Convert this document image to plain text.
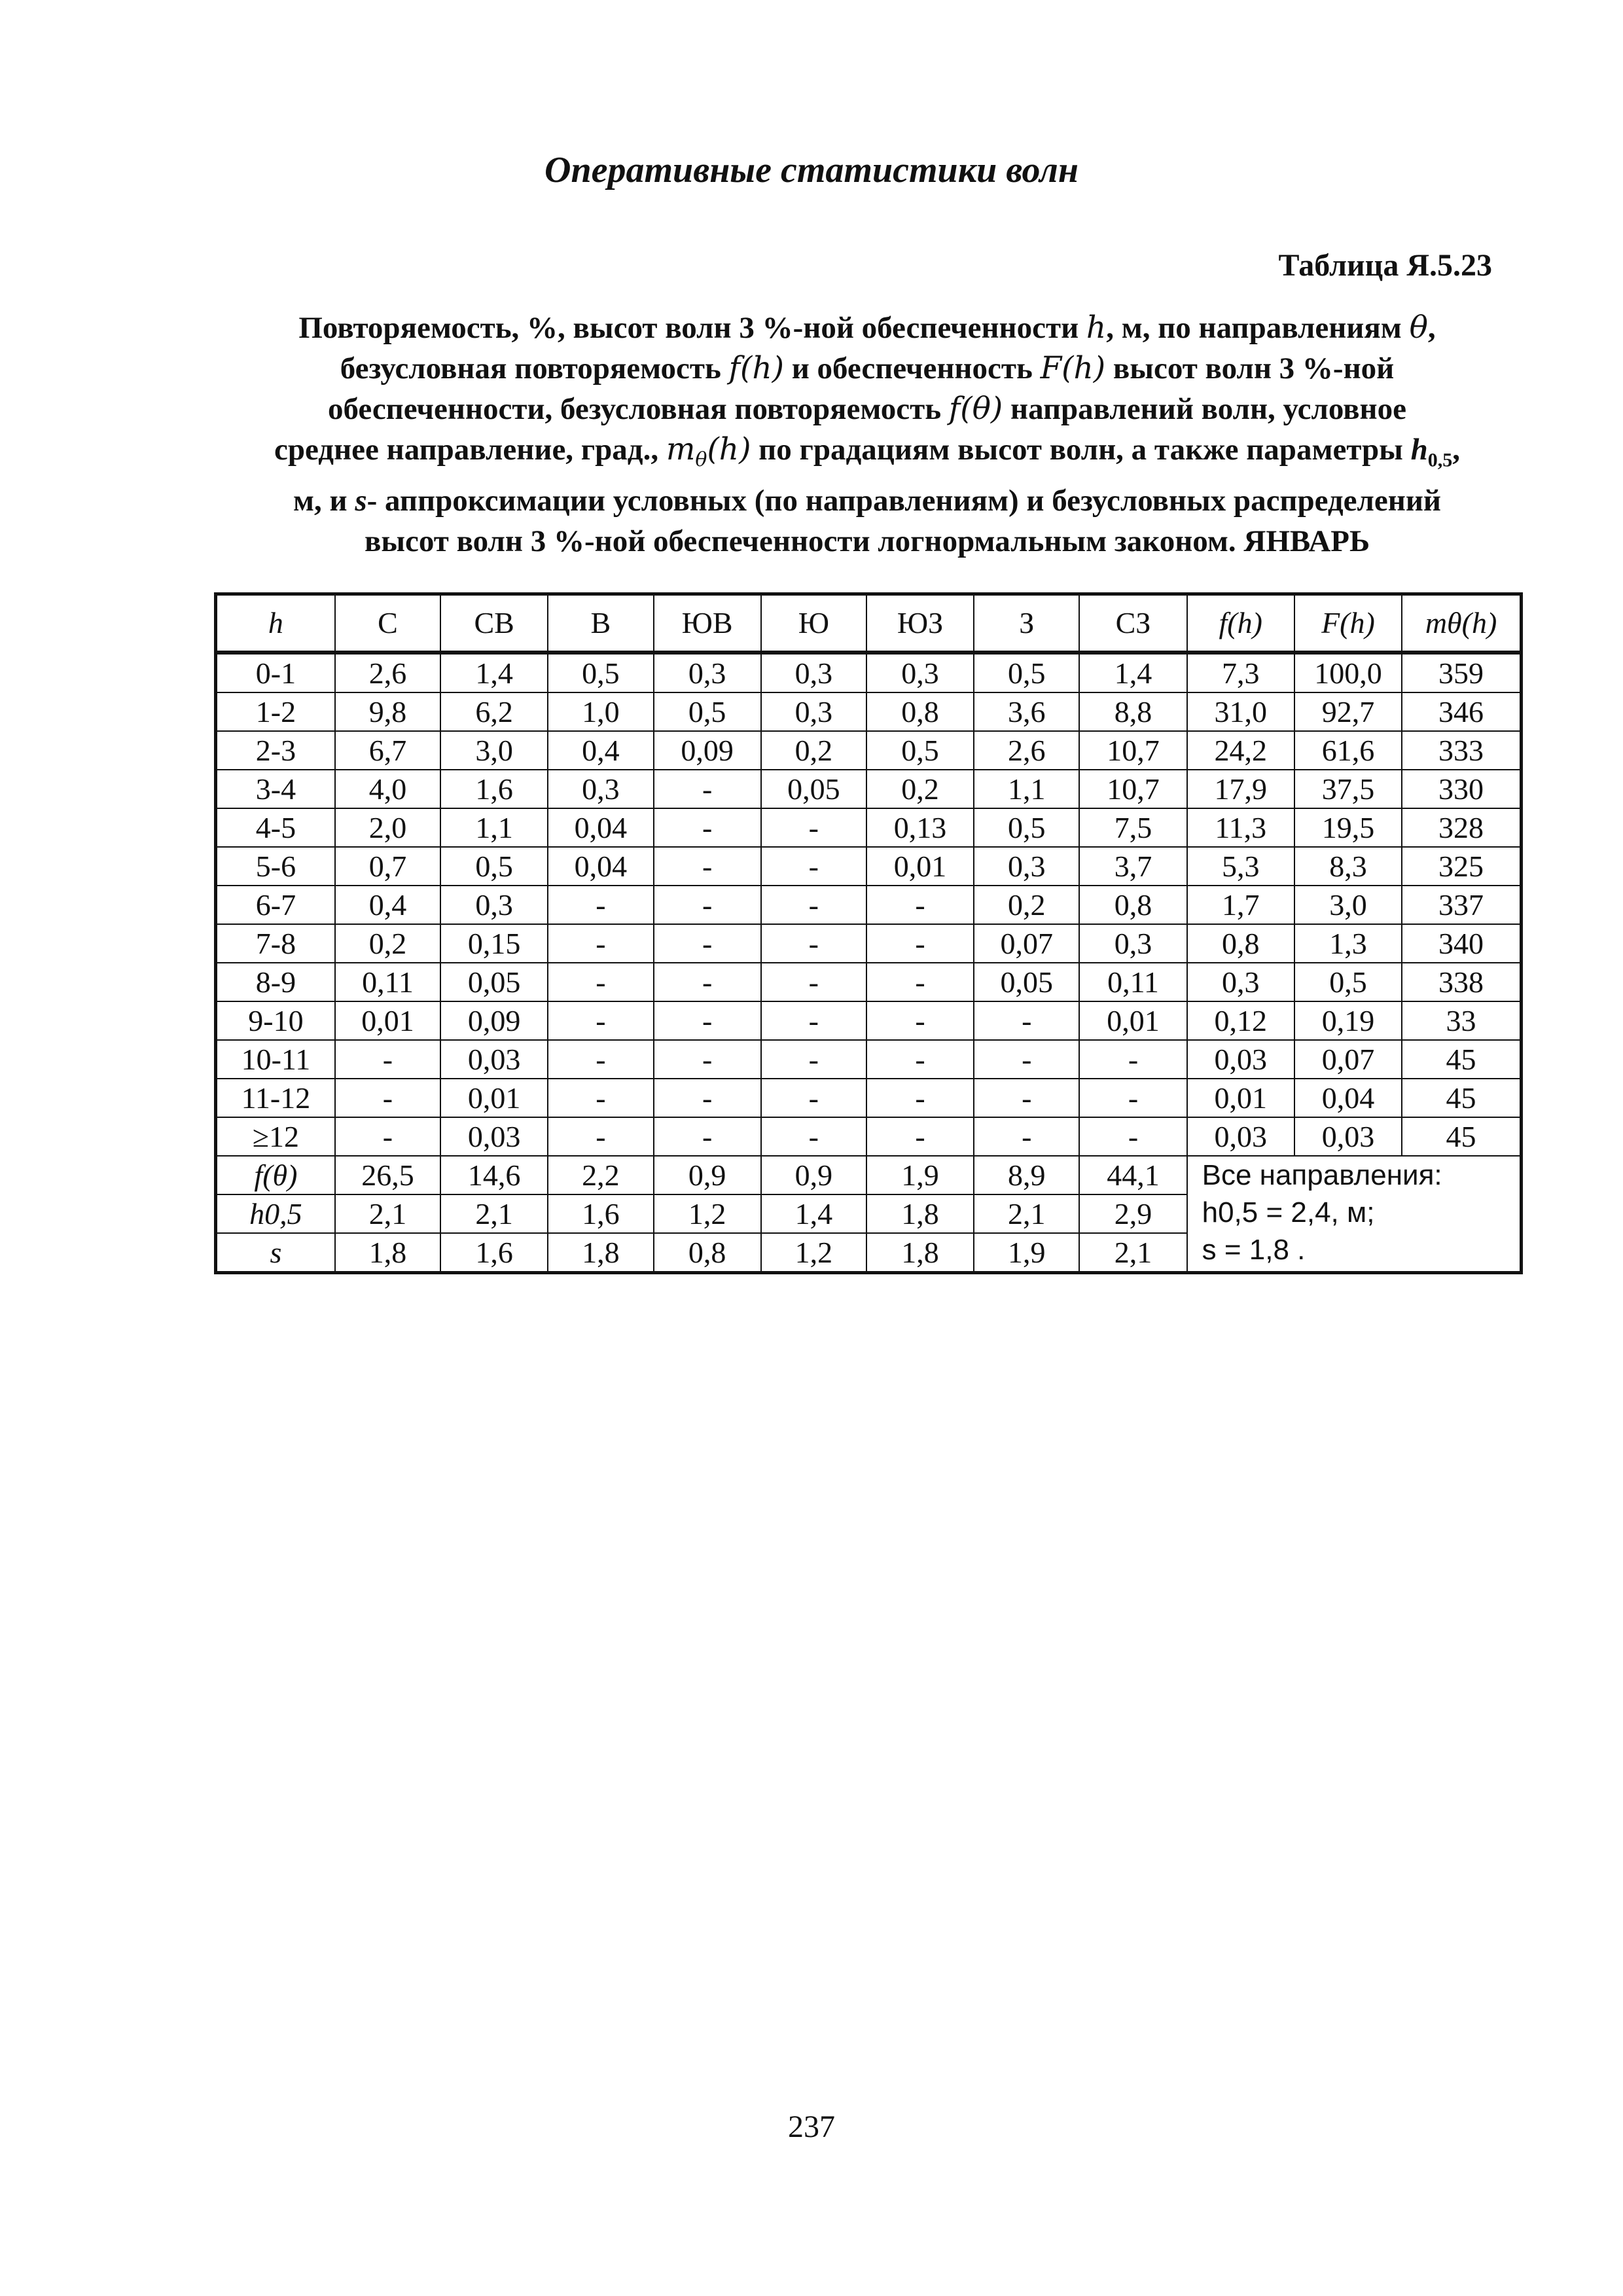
Оперативные статистики волн
Таблица Я.5.23
Повторяемость, %, высот волн 3 %-ной обеспеченности h, м, по направлениям θ,
безусловная повторяемость f(h) и обеспеченность F(h) высот волн 3 %-ной
обеспеченности, безусловная повторяемость f(θ) направлений волн, условное
среднее направление, град., $m_\theta(h)$ по градациям высот волн, а также параметры $h_{0,5}$,
м, и s- аппроксимации условных (по направлениям) и безусловных распределений
высот волн 3 %-ной обеспеченности логнормальным законом. ЯНВАРЬ
h	С	СВ	В	ЮВ	Ю	ЮЗ	З	СЗ	f(h)	F(h)	mθ(h)
0-1	2,6	1,4	0,5	0,3	0,3	0,3	0,5	1,4	7,3	100,0	359
1-2	9,8	6,2	1,0	0,5	0,3	0,8	3,6	8,8	31,0	92,7	346
2-3	6,7	3,0	0,4	0,09	0,2	0,5	2,6	10,7	24,2	61,6	333
3-4	4,0	1,6	0,3	-	0,05	0,2	1,1	10,7	17,9	37,5	330
4-5	2,0	1,1	0,04	-	-	0,13	0,5	7,5	11,3	19,5	328
5-6	0,7	0,5	0,04	-	-	0,01	0,3	3,7	5,3	8,3	325
6-7	0,4	0,3	-	-	-	-	0,2	0,8	1,7	3,0	337
7-8	0,2	0,15	-	-	-	-	0,07	0,3	0,8	1,3	340
8-9	0,11	0,05	-	-	-	-	0,05	0,11	0,3	0,5	338
9-10	0,01	0,09	-	-	-	-	-	0,01	0,12	0,19	33
10-11	-	0,03	-	-	-	-	-	-	0,03	0,07	45
11-12	-	0,01	-	-	-	-	-	-	0,01	0,04	45
≥12	-	0,03	-	-	-	-	-	-	0,03	0,03	45
f(θ)	26,5	14,6	2,2	0,9	0,9	1,9	8,9	44,1	Все направления:
h0,5 = 2,4, м;
s = 1,8 .		

h0,5	2,1	2,1	1,6	1,2	1,4	1,8	2,1	2,9			
s	1,8	1,6	1,8	0,8	1,2	1,8	1,9	2,1			
237
